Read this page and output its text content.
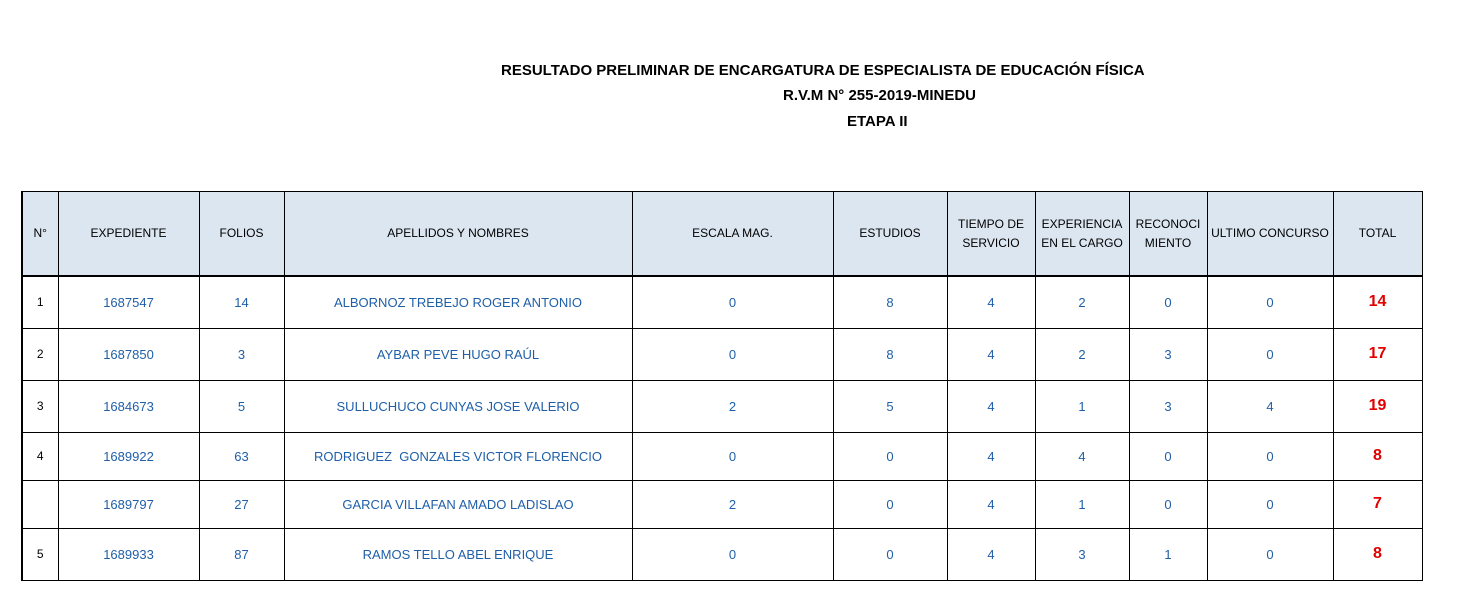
RESULTADO PRELIMINAR DE ENCARGATURA DE ESPECIALISTA DE EDUCACIÓN FÍSICA
R.V.M N° 255-2019-MINEDU
ETAPA II
N°	EXPEDIENTE	FOLIOS	APELLIDOS Y NOMBRES	ESCALA MAG.	ESTUDIOS	TIEMPO DE SERVICIO	EXPERIENCIA EN EL CARGO	RECONOCI MIENTO	ULTIMO CONCURSO	TOTAL
1	1687547	14	ALBORNOZ TREBEJO ROGER ANTONIO	0	8	4	2	0	0	14
2	1687850	3	AYBAR PEVE HUGO RAÚL	0	8	4	2	3	0	17
3	1684673	5	SULLUCHUCO CUNYAS JOSE VALERIO	2	5	4	1	3	4	19
4	1689922	63	RODRIGUEZ  GONZALES VICTOR FLORENCIO	0	0	4	4	0	0	8
	1689797	27	GARCIA VILLAFAN AMADO LADISLAO	2	0	4	1	0	0	7
5	1689933	87	RAMOS TELLO ABEL ENRIQUE	0	0	4	3	1	0	8
